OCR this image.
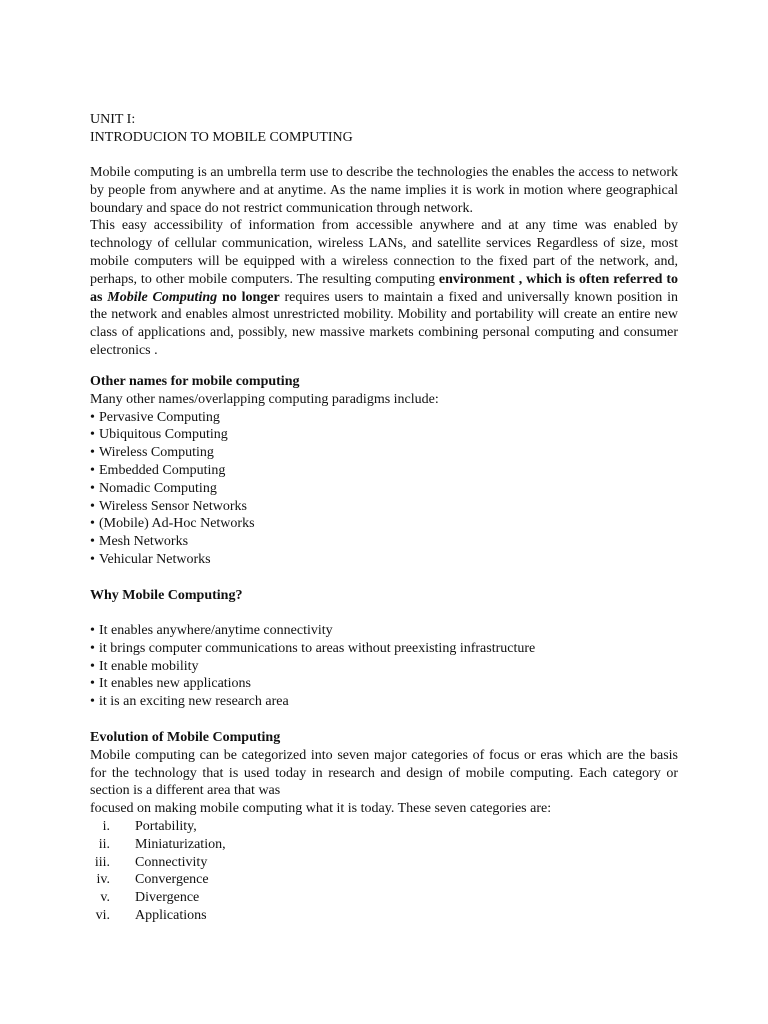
UNIT I:

INTRODUCION TO MOBILE COMPUTING

Mobile computing is an umbrella term use to describe the technologies the enables the access to network by people from anywhere and at anytime. As the name implies it is work in motion where geographical boundary and space do not restrict communication through network.

This easy accessibility of information from accessible anywhere and at any time was enabled by technology of cellular communication, wireless LANs, and satellite services Regardless of size, most mobile computers will be equipped with a wireless connection to the fixed part of the network, and, perhaps, to other mobile computers. The resulting computing environment , which is often referred to as Mobile Computing no longer requires users to maintain a fixed and universally known position in the network and enables almost unrestricted mobility. Mobility and portability will create an entire new class of applications and, possibly, new massive markets combining personal computing and consumer electronics .

Other names for mobile computing

Many other names/overlapping computing paradigms include:

• Pervasive Computing
• Ubiquitous Computing
• Wireless Computing
• Embedded Computing
• Nomadic Computing
• Wireless Sensor Networks
• (Mobile) Ad-Hoc Networks
• Mesh Networks
• Vehicular Networks

Why Mobile Computing?

• It enables anywhere/anytime connectivity
• it brings computer communications to areas without preexisting infrastructure
• It enable mobility
• It enables new applications
• it is an exciting new research area

Evolution of Mobile Computing

Mobile computing can be categorized into seven major categories of focus or eras which are the basis for the technology that is used today in research and design of mobile computing. Each category or section is a different area that was

focused on making mobile computing what it is today. These seven categories are:

i. Portability,
ii. Miniaturization,
iii. Connectivity
iv. Convergence
v. Divergence
vi. Applications
